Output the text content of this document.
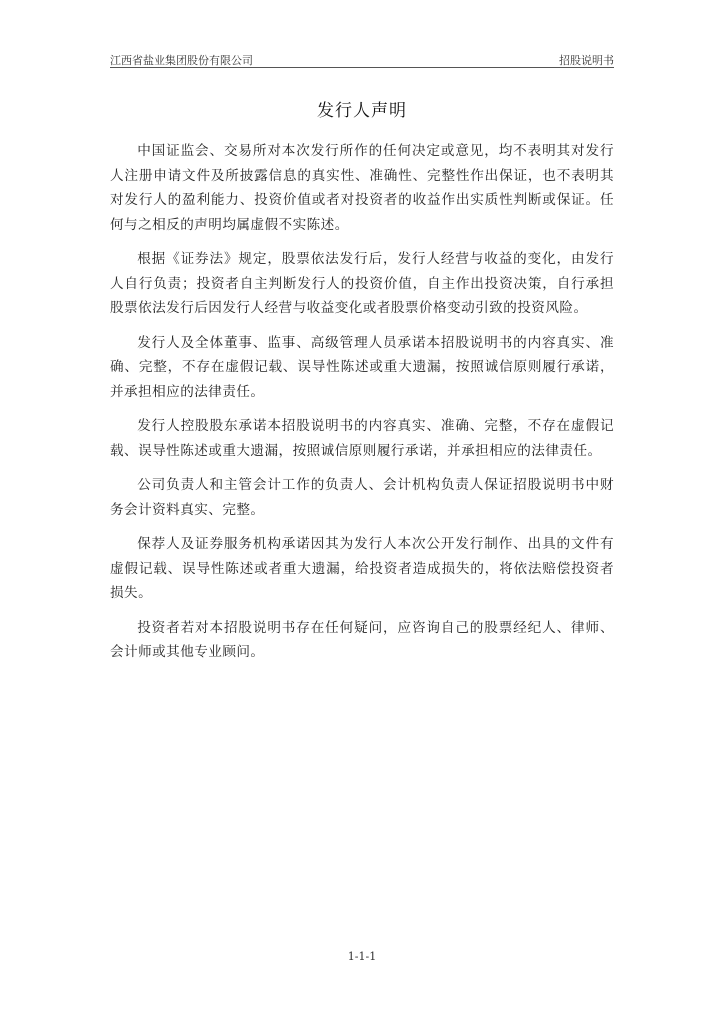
江西省盐业集团股份有限公司	招股说明书
发行人声明

中国证监会、交易所对本次发行所作的任何决定或意见，均不表明其对发行人注册申请文件及所披露信息的真实性、准确性、完整性作出保证，也不表明其对发行人的盈利能力、投资价值或者对投资者的收益作出实质性判断或保证。任何与之相反的声明均属虚假不实陈述。

根据《证券法》规定，股票依法发行后，发行人经营与收益的变化，由发行人自行负责；投资者自主判断发行人的投资价值，自主作出投资决策，自行承担股票依法发行后因发行人经营与收益变化或者股票价格变动引致的投资风险。

发行人及全体董事、监事、高级管理人员承诺本招股说明书的内容真实、准确、完整，不存在虚假记载、误导性陈述或重大遗漏，按照诚信原则履行承诺，并承担相应的法律责任。

发行人控股股东承诺本招股说明书的内容真实、准确、完整，不存在虚假记载、误导性陈述或重大遗漏，按照诚信原则履行承诺，并承担相应的法律责任。

公司负责人和主管会计工作的负责人、会计机构负责人保证招股说明书中财务会计资料真实、完整。

保荐人及证券服务机构承诺因其为发行人本次公开发行制作、出具的文件有虚假记载、误导性陈述或者重大遗漏，给投资者造成损失的，将依法赔偿投资者损失。

投资者若对本招股说明书存在任何疑问，应咨询自己的股票经纪人、律师、会计师或其他专业顾问。

1-1-1
